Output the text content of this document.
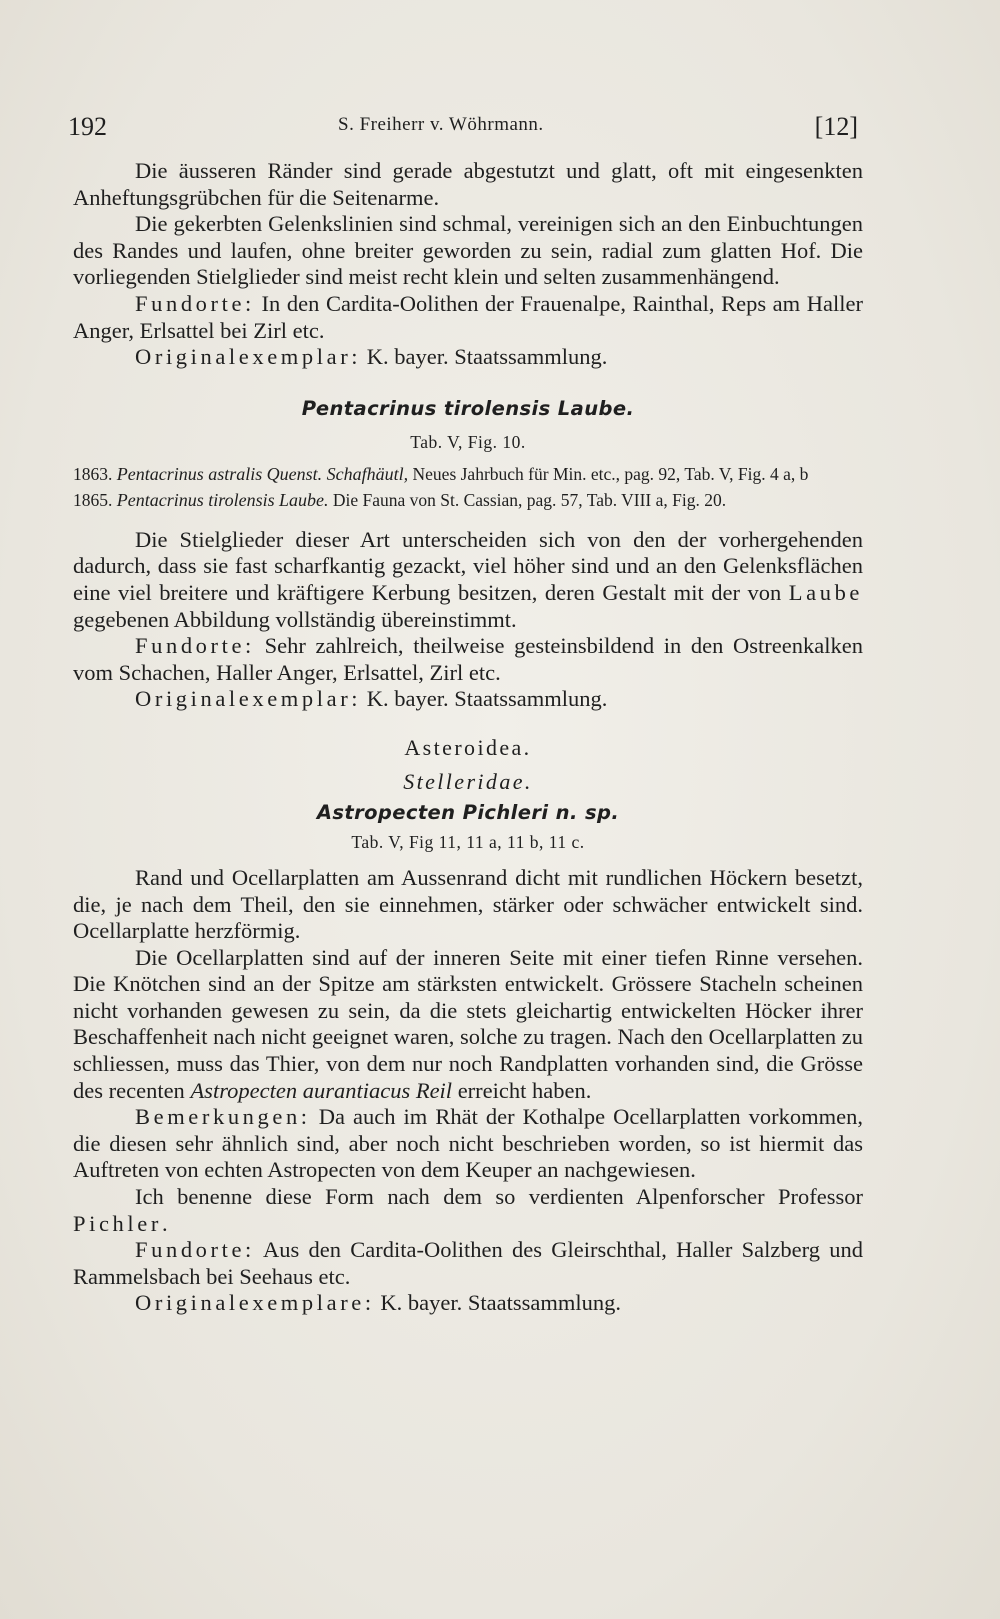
192	S. Freiherr v. Wöhrmann.	[12]

Die äusseren Ränder sind gerade abgestutzt und glatt, oft mit eingesenkten Anheftungsgrübchen für die Seitenarme.

Die gekerbten Gelenkslinien sind schmal, vereinigen sich an den Einbuchtungen des Randes und laufen, ohne breiter geworden zu sein, radial zum glatten Hof. Die vorliegenden Stielglieder sind meist recht klein und selten zusammenhängend.

Fundorte: In den Cardita-Oolithen der Frauenalpe, Rainthal, Reps am Haller Anger, Erlsattel bei Zirl etc.

Originalexemplar: K. bayer. Staatssammlung.

Pentacrinus tirolensis Laube.

Tab. V, Fig. 10.

1863. Pentacrinus astralis Quenst. Schafhäutl, Neues Jahrbuch für Min. etc., pag. 92, Tab. V, Fig. 4 a, b

1865. Pentacrinus tirolensis Laube. Die Fauna von St. Cassian, pag. 57, Tab. VIII a, Fig. 20.

Die Stielglieder dieser Art unterscheiden sich von den der vorhergehenden dadurch, dass sie fast scharfkantig gezackt, viel höher sind und an den Gelenksflächen eine viel breitere und kräftigere Kerbung besitzen, deren Gestalt mit der von Laube gegebenen Abbildung vollständig übereinstimmt.

Fundorte: Sehr zahlreich, theilweise gesteinsbildend in den Ostreenkalken vom Schachen, Haller Anger, Erlsattel, Zirl etc.

Originalexemplar: K. bayer. Staatssammlung.

Asteroidea.

Stelleridae.

Astropecten Pichleri n. sp.

Tab. V, Fig 11, 11 a, 11 b, 11 c.

Rand und Ocellarplatten am Aussenrand dicht mit rundlichen Höckern besetzt, die, je nach dem Theil, den sie einnehmen, stärker oder schwächer entwickelt sind. Ocellarplatte herzförmig.

Die Ocellarplatten sind auf der inneren Seite mit einer tiefen Rinne versehen. Die Knötchen sind an der Spitze am stärksten entwickelt. Grössere Stacheln scheinen nicht vorhanden gewesen zu sein, da die stets gleichartig entwickelten Höcker ihrer Beschaffenheit nach nicht geeignet waren, solche zu tragen. Nach den Ocellarplatten zu schliessen, muss das Thier, von dem nur noch Randplatten vorhanden sind, die Grösse des recenten Astropecten aurantiacus Reil erreicht haben.

Bemerkungen: Da auch im Rhät der Kothalpe Ocellarplatten vorkommen, die diesen sehr ähnlich sind, aber noch nicht beschrieben worden, so ist hiermit das Auftreten von echten Astropecten von dem Keuper an nachgewiesen.

Ich benenne diese Form nach dem so verdienten Alpenforscher Professor Pichler.

Fundorte: Aus den Cardita-Oolithen des Gleirschthal, Haller Salzberg und Rammelsbach bei Seehaus etc.

Originalexemplare: K. bayer. Staatssammlung.
